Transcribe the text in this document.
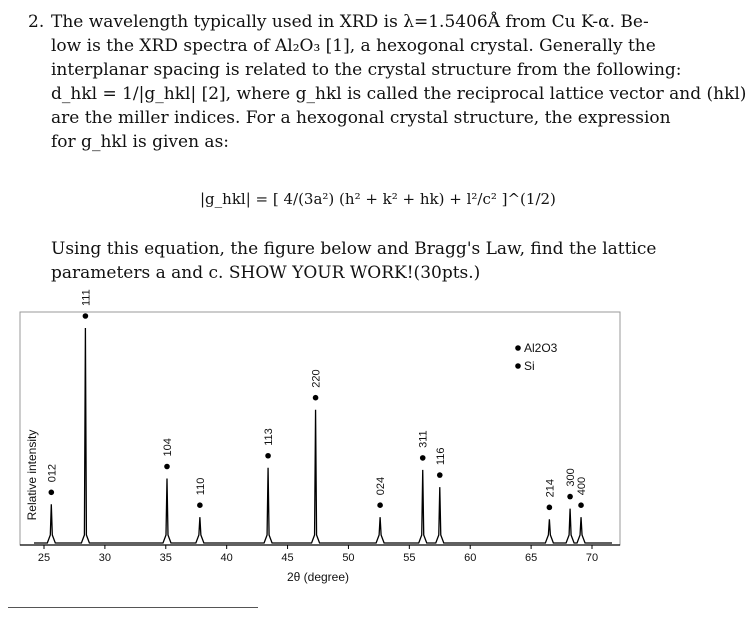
2. The wavelength typically used in XRD is λ=1.5406Å from Cu K-α. Be-
low is the XRD spectra of Al₂O₃ [1], a hexogonal crystal. Generally the
interplanar spacing is related to the crystal structure from the following:
d_hkl = 1/|g_hkl| [2], where g_hkl is called the reciprocal lattice vector and (hkl)
are the miller indices. For a hexogonal crystal structure, the expression
for g_hkl is given as:
|g_hkl| = [ 4/(3a²) (h² + k² + hk) + l²/c² ]^(1/2)
Using this equation, the figure below and Bragg's Law, find the lattice
parameters a and c. SHOW YOUR WORK!(30pts.)
Relative intensity
2θ (degree)
012
111
104
110
113
220
024
311
116
214
300
400
25	30	35	40	45	50	55	60	65	70
Al2O3
Si
